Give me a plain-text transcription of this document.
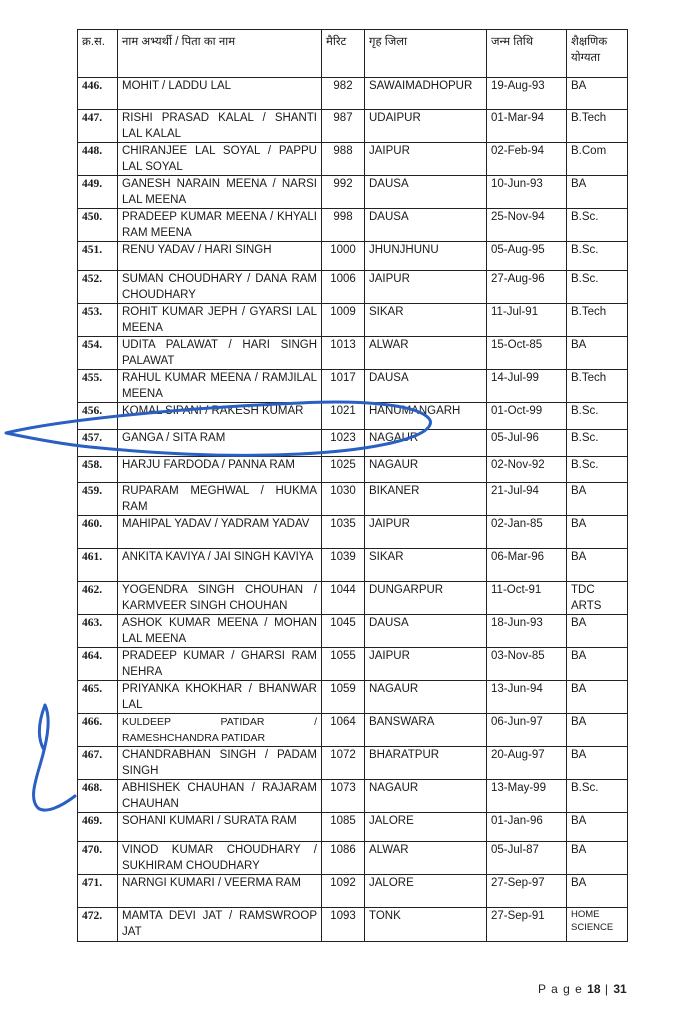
क्र.स.	नाम अभ्यर्थी / पिता का नाम	मैरिट	गृह जिला	जन्म तिथि	शैक्षणिक योग्यता
446.	MOHIT / LADDU LAL	982	SAWAIMADHOPUR	19-Aug-93	BA
447.	RISHI PRASAD KALAL / SHANTI LAL KALAL	987	UDAIPUR	01-Mar-94	B.Tech
448.	CHIRANJEE LAL SOYAL / PAPPU LAL SOYAL	988	JAIPUR	02-Feb-94	B.Com
449.	GANESH NARAIN MEENA / NARSI LAL MEENA	992	DAUSA	10-Jun-93	BA
450.	PRADEEP KUMAR MEENA / KHYALI RAM MEENA	998	DAUSA	25-Nov-94	B.Sc.
451.	RENU YADAV / HARI SINGH	1000	JHUNJHUNU	05-Aug-95	B.Sc.
452.	SUMAN CHOUDHARY / DANA RAM CHOUDHARY	1006	JAIPUR	27-Aug-96	B.Sc.
453.	ROHIT KUMAR JEPH / GYARSI LAL MEENA	1009	SIKAR	11-Jul-91	B.Tech
454.	UDITA PALAWAT / HARI SINGH PALAWAT	1013	ALWAR	15-Oct-85	BA
455.	RAHUL KUMAR MEENA / RAMJILAL MEENA	1017	DAUSA	14-Jul-99	B.Tech
456.	KOMAL SIPANI / RAKESH KUMAR	1021	HANUMANGARH	01-Oct-99	B.Sc.
457.	GANGA / SITA RAM	1023	NAGAUR	05-Jul-96	B.Sc.
458.	HARJU FARDODA / PANNA RAM	1025	NAGAUR	02-Nov-92	B.Sc.
459.	RUPARAM MEGHWAL / HUKMA RAM	1030	BIKANER	21-Jul-94	BA
460.	MAHIPAL YADAV / YADRAM YADAV	1035	JAIPUR	02-Jan-85	BA
461.	ANKITA KAVIYA / JAI SINGH KAVIYA	1039	SIKAR	06-Mar-96	BA
462.	YOGENDRA SINGH CHOUHAN / KARMVEER SINGH CHOUHAN	1044	DUNGARPUR	11-Oct-91	TDC ARTS
463.	ASHOK KUMAR MEENA / MOHAN LAL MEENA	1045	DAUSA	18-Jun-93	BA
464.	PRADEEP KUMAR / GHARSI RAM NEHRA	1055	JAIPUR	03-Nov-85	BA
465.	PRIYANKA KHOKHAR / BHANWAR LAL	1059	NAGAUR	13-Jun-94	BA
466.	KULDEEP PATIDAR / RAMESHCHANDRA PATIDAR	1064	BANSWARA	06-Jun-97	BA
467.	CHANDRABHAN SINGH / PADAM SINGH	1072	BHARATPUR	20-Aug-97	BA
468.	ABHISHEK CHAUHAN / RAJARAM CHAUHAN	1073	NAGAUR	13-May-99	B.Sc.
469.	SOHANI KUMARI / SURATA RAM	1085	JALORE	01-Jan-96	BA
470.	VINOD KUMAR CHOUDHARY / SUKHIRAM CHOUDHARY	1086	ALWAR	05-Jul-87	BA
471.	NARNGI KUMARI / VEERMA RAM	1092	JALORE	27-Sep-97	BA
472.	MAMTA DEVI JAT / RAMSWROOP JAT	1093	TONK	27-Sep-91	HOME SCIENCE
P a g e 18 | 31
